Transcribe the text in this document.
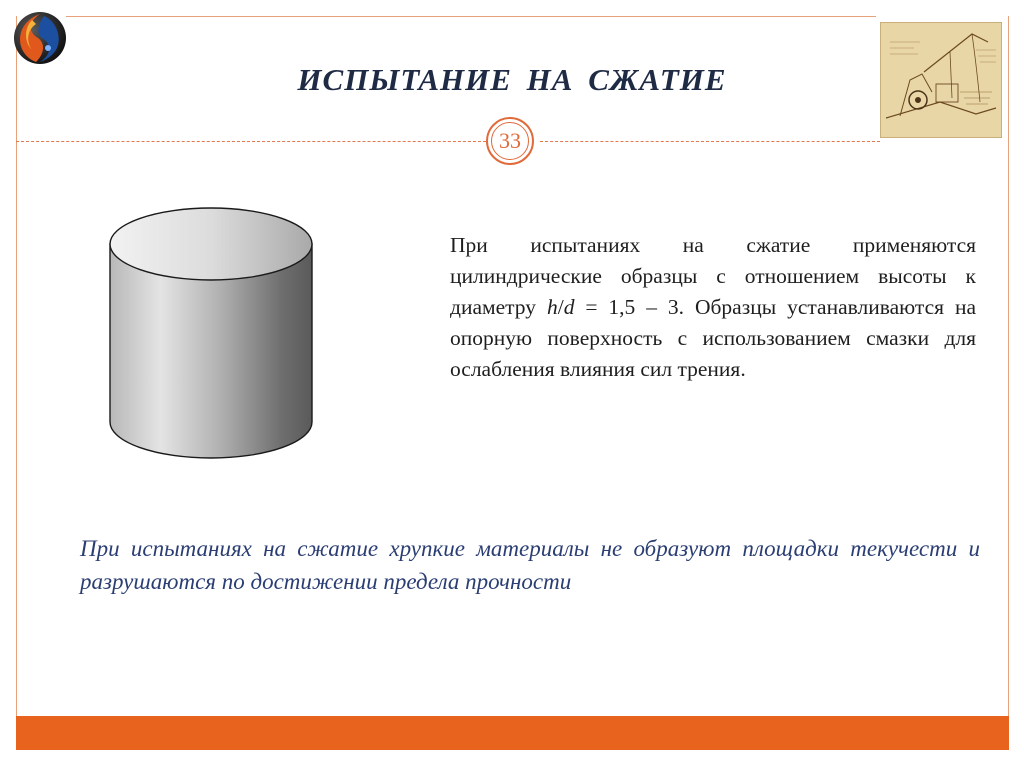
ИСПЫТАНИЕ НА СЖАТИЕ
33
При испытаниях на сжатие применяются цилиндрические образцы с отношением высоты к диаметру h/d = 1,5 – 3. Образцы устанавливаются на опорную поверхность с использованием смазки для ослабления влияния сил трения.
При испытаниях на сжатие хрупкие материалы не образуют площадки текучести и разрушаются по достижении предела прочности
